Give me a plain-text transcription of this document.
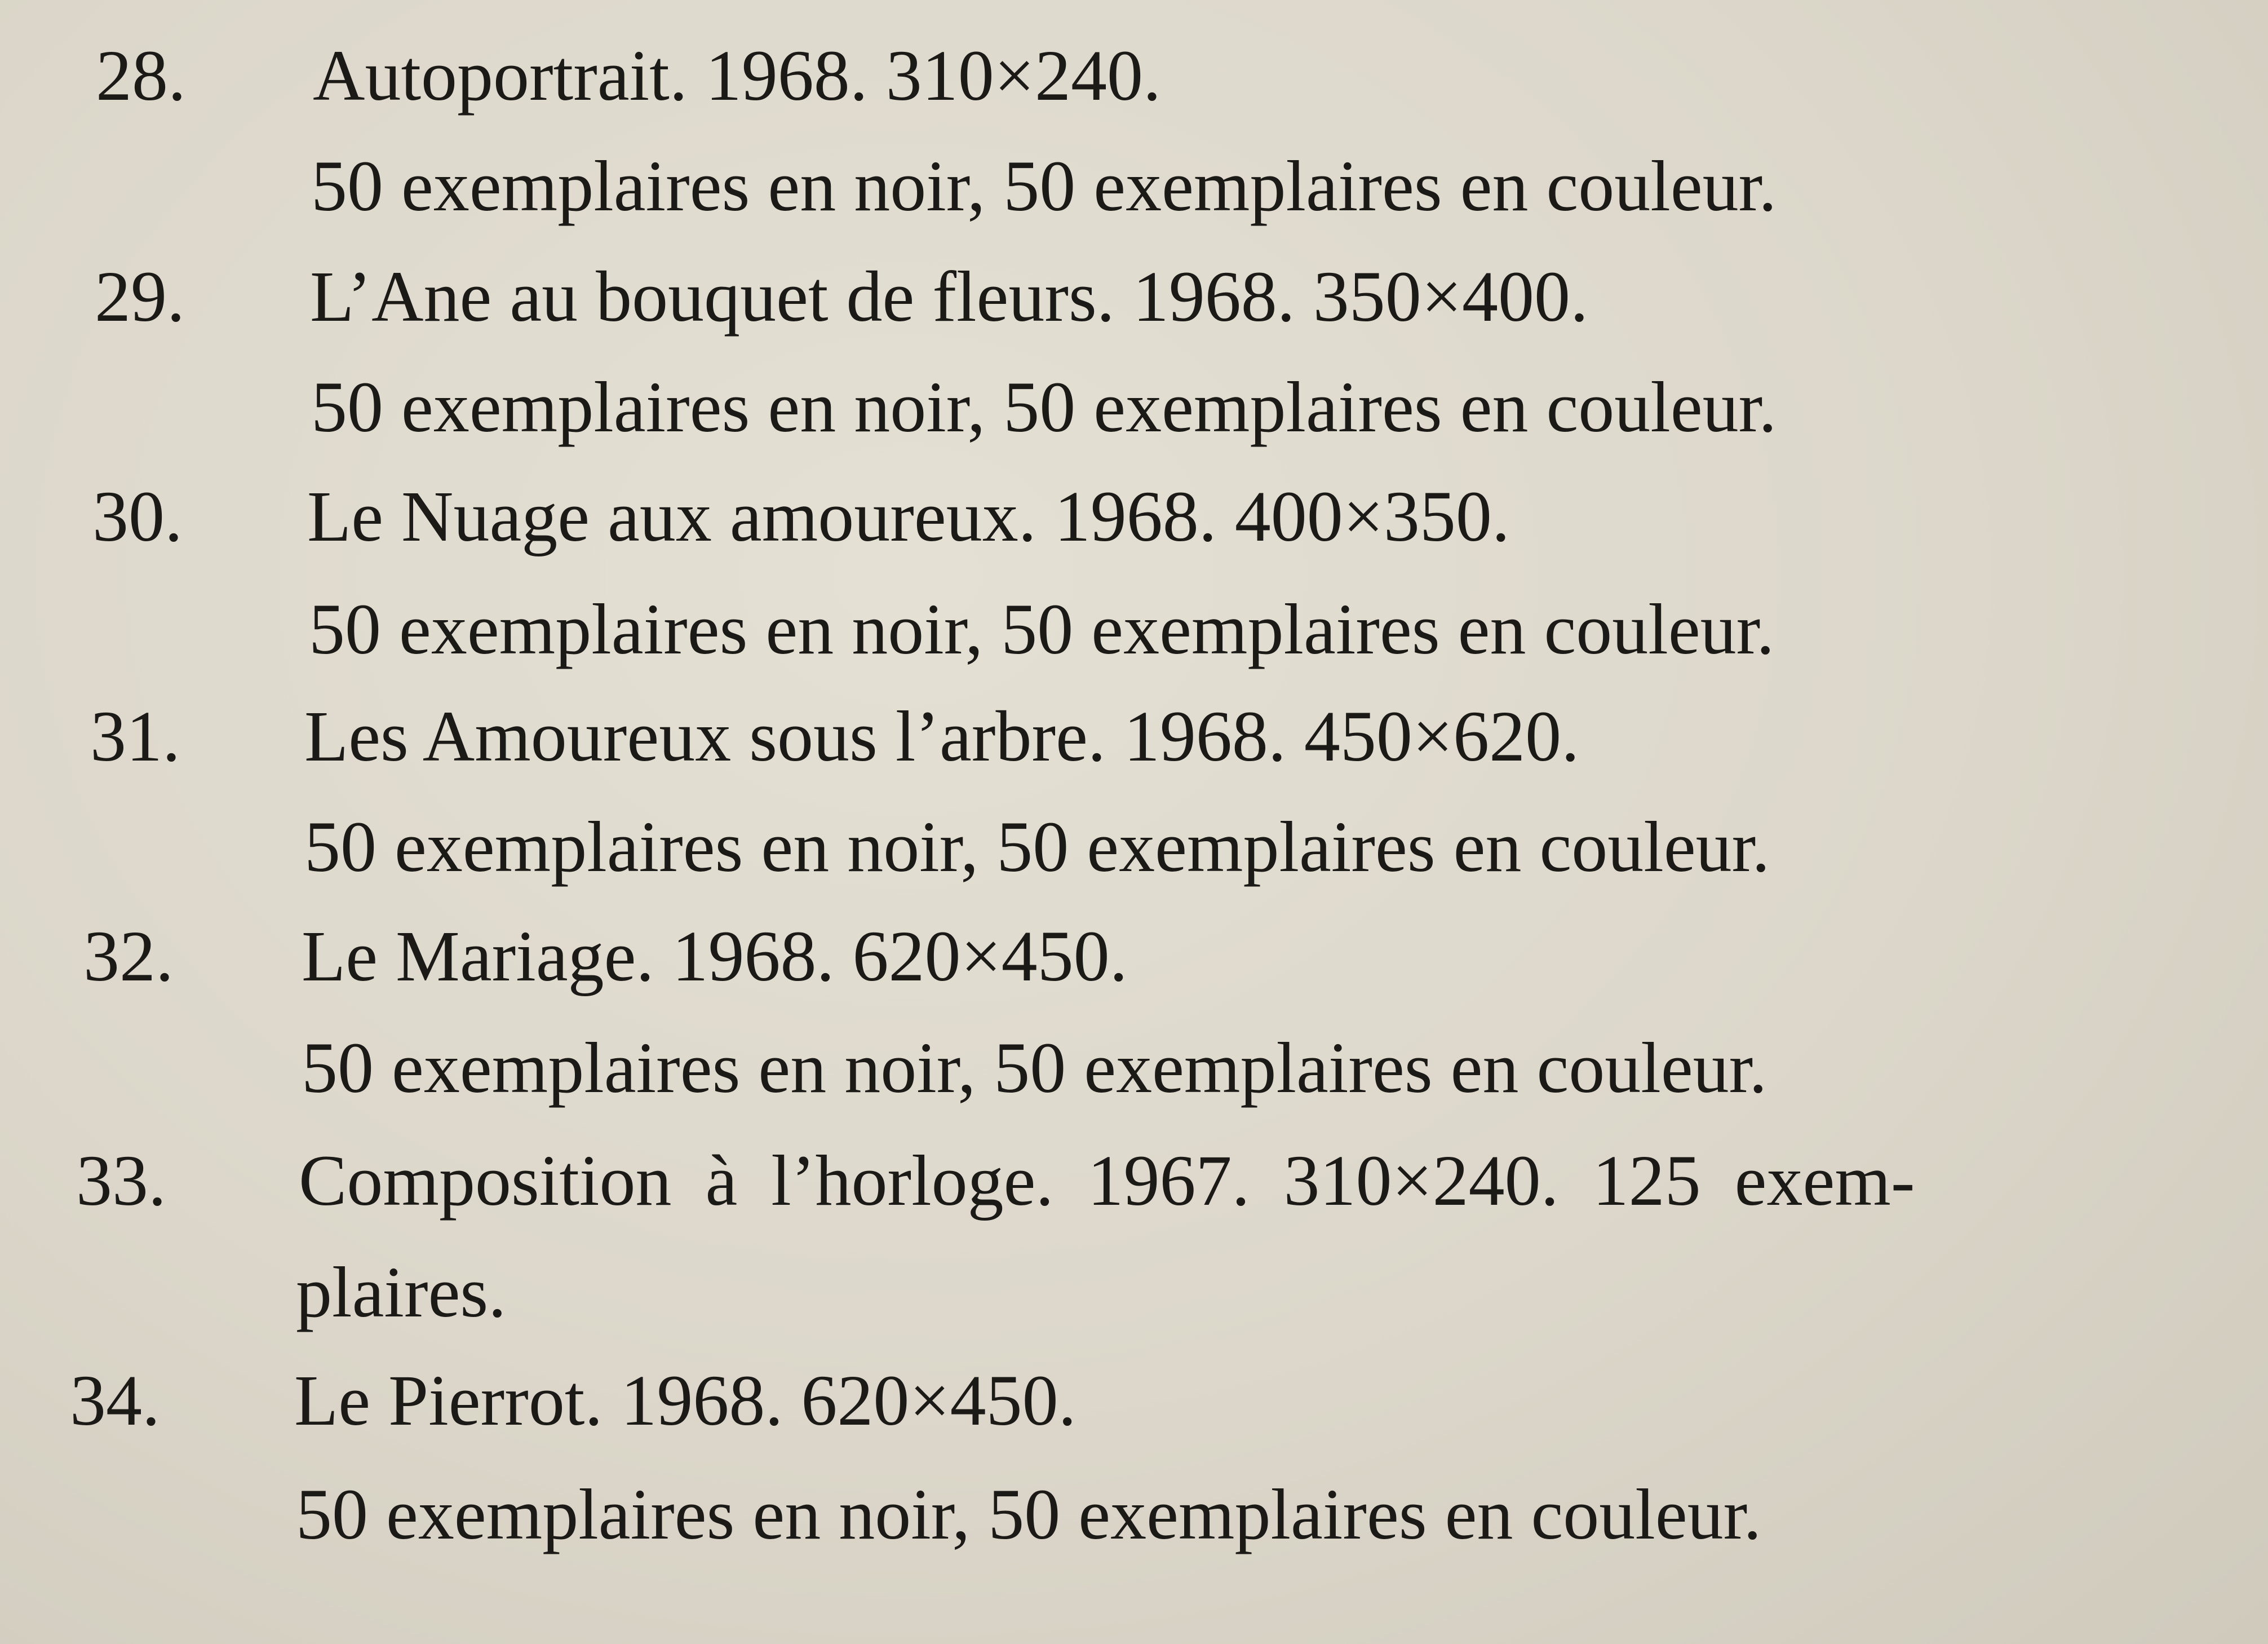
28. Autoportrait. 1968. 310×240.
50 exemplaires en noir, 50 exemplaires en couleur.
29. L’Ane au bouquet de fleurs. 1968. 350×400.
50 exemplaires en noir, 50 exemplaires en couleur.
30. Le Nuage aux amoureux. 1968. 400×350.
50 exemplaires en noir, 50 exemplaires en couleur.
31. Les Amoureux sous l’arbre. 1968. 450×620.
50 exemplaires en noir, 50 exemplaires en couleur.
32. Le Mariage. 1968. 620×450.
50 exemplaires en noir, 50 exemplaires en couleur.
33. Composition à l’horloge. 1967. 310×240. 125 exem-
plaires.
34. Le Pierrot. 1968. 620×450.
50 exemplaires en noir, 50 exemplaires en couleur.
